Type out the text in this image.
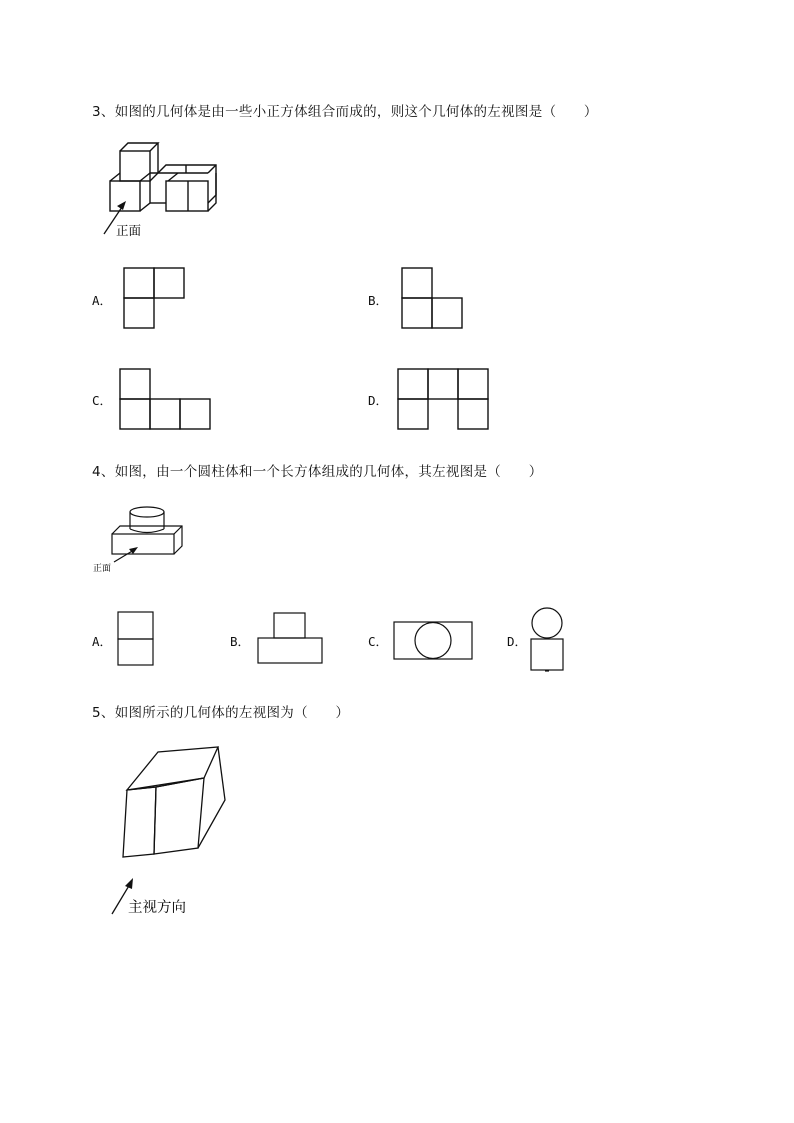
3、如图的几何体是由一些小正方体组合而成的，则这个几何体的左视图是（　　）
正面
A．	B．
C．	D．
4、如图，由一个圆柱体和一个长方体组成的几何体，其左视图是（　　）
正面
A．	B．	C．	D．
5、如图所示的几何体的左视图为（　　）
主视方向
